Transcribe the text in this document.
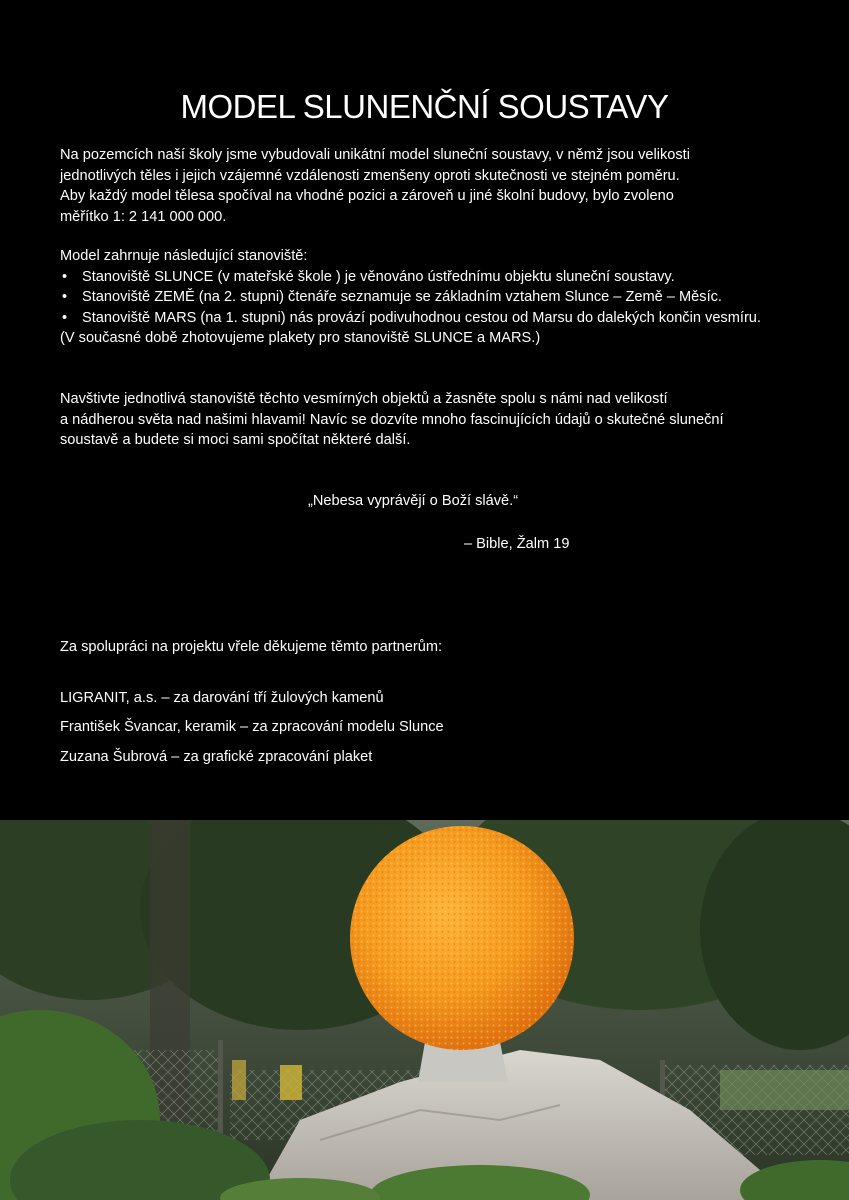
MODEL SLUNENČNÍ SOUSTAVY
Na pozemcích naší školy jsme vybudovali unikátní model sluneční soustavy, v němž jsou velikosti
jednotlivých těles i jejich vzájemné vzdálenosti zmenšeny oproti skutečnosti ve stejném poměru.
Aby každý model tělesa spočíval na vhodné pozici a zároveň u jiné školní budovy, bylo zvoleno
měřítko 1: 2 141 000 000.
Model zahrnuje následující stanoviště:
• Stanoviště SLUNCE (v mateřské škole ) je věnováno ústřednímu objektu sluneční soustavy.
• Stanoviště ZEMĚ (na 2. stupni) čtenáře seznamuje se základním vztahem Slunce – Země – Měsíc.
• Stanoviště MARS (na 1. stupni) nás provází podivuhodnou cestou od Marsu do dalekých končin vesmíru.
(V současné době zhotovujeme plakety pro stanoviště SLUNCE a MARS.)
Navštivte jednotlivá stanoviště těchto vesmírných objektů a žasněte spolu s námi nad velikostí
a nádherou světa nad našimi hlavami! Navíc se dozvíte mnoho fascinujících údajů o skutečné sluneční
soustavě a budete si moci sami spočítat některé další.
„Nebesa vyprávějí o Boží slávě.“
– Bible, Žalm 19
Za spolupráci na projektu vřele děkujeme těmto partnerům:
LIGRANIT, a.s. – za darování tří žulových kamenů
František Švancar, keramik – za zpracování modelu Slunce
Zuzana Šubrová – za grafické zpracování plaket
